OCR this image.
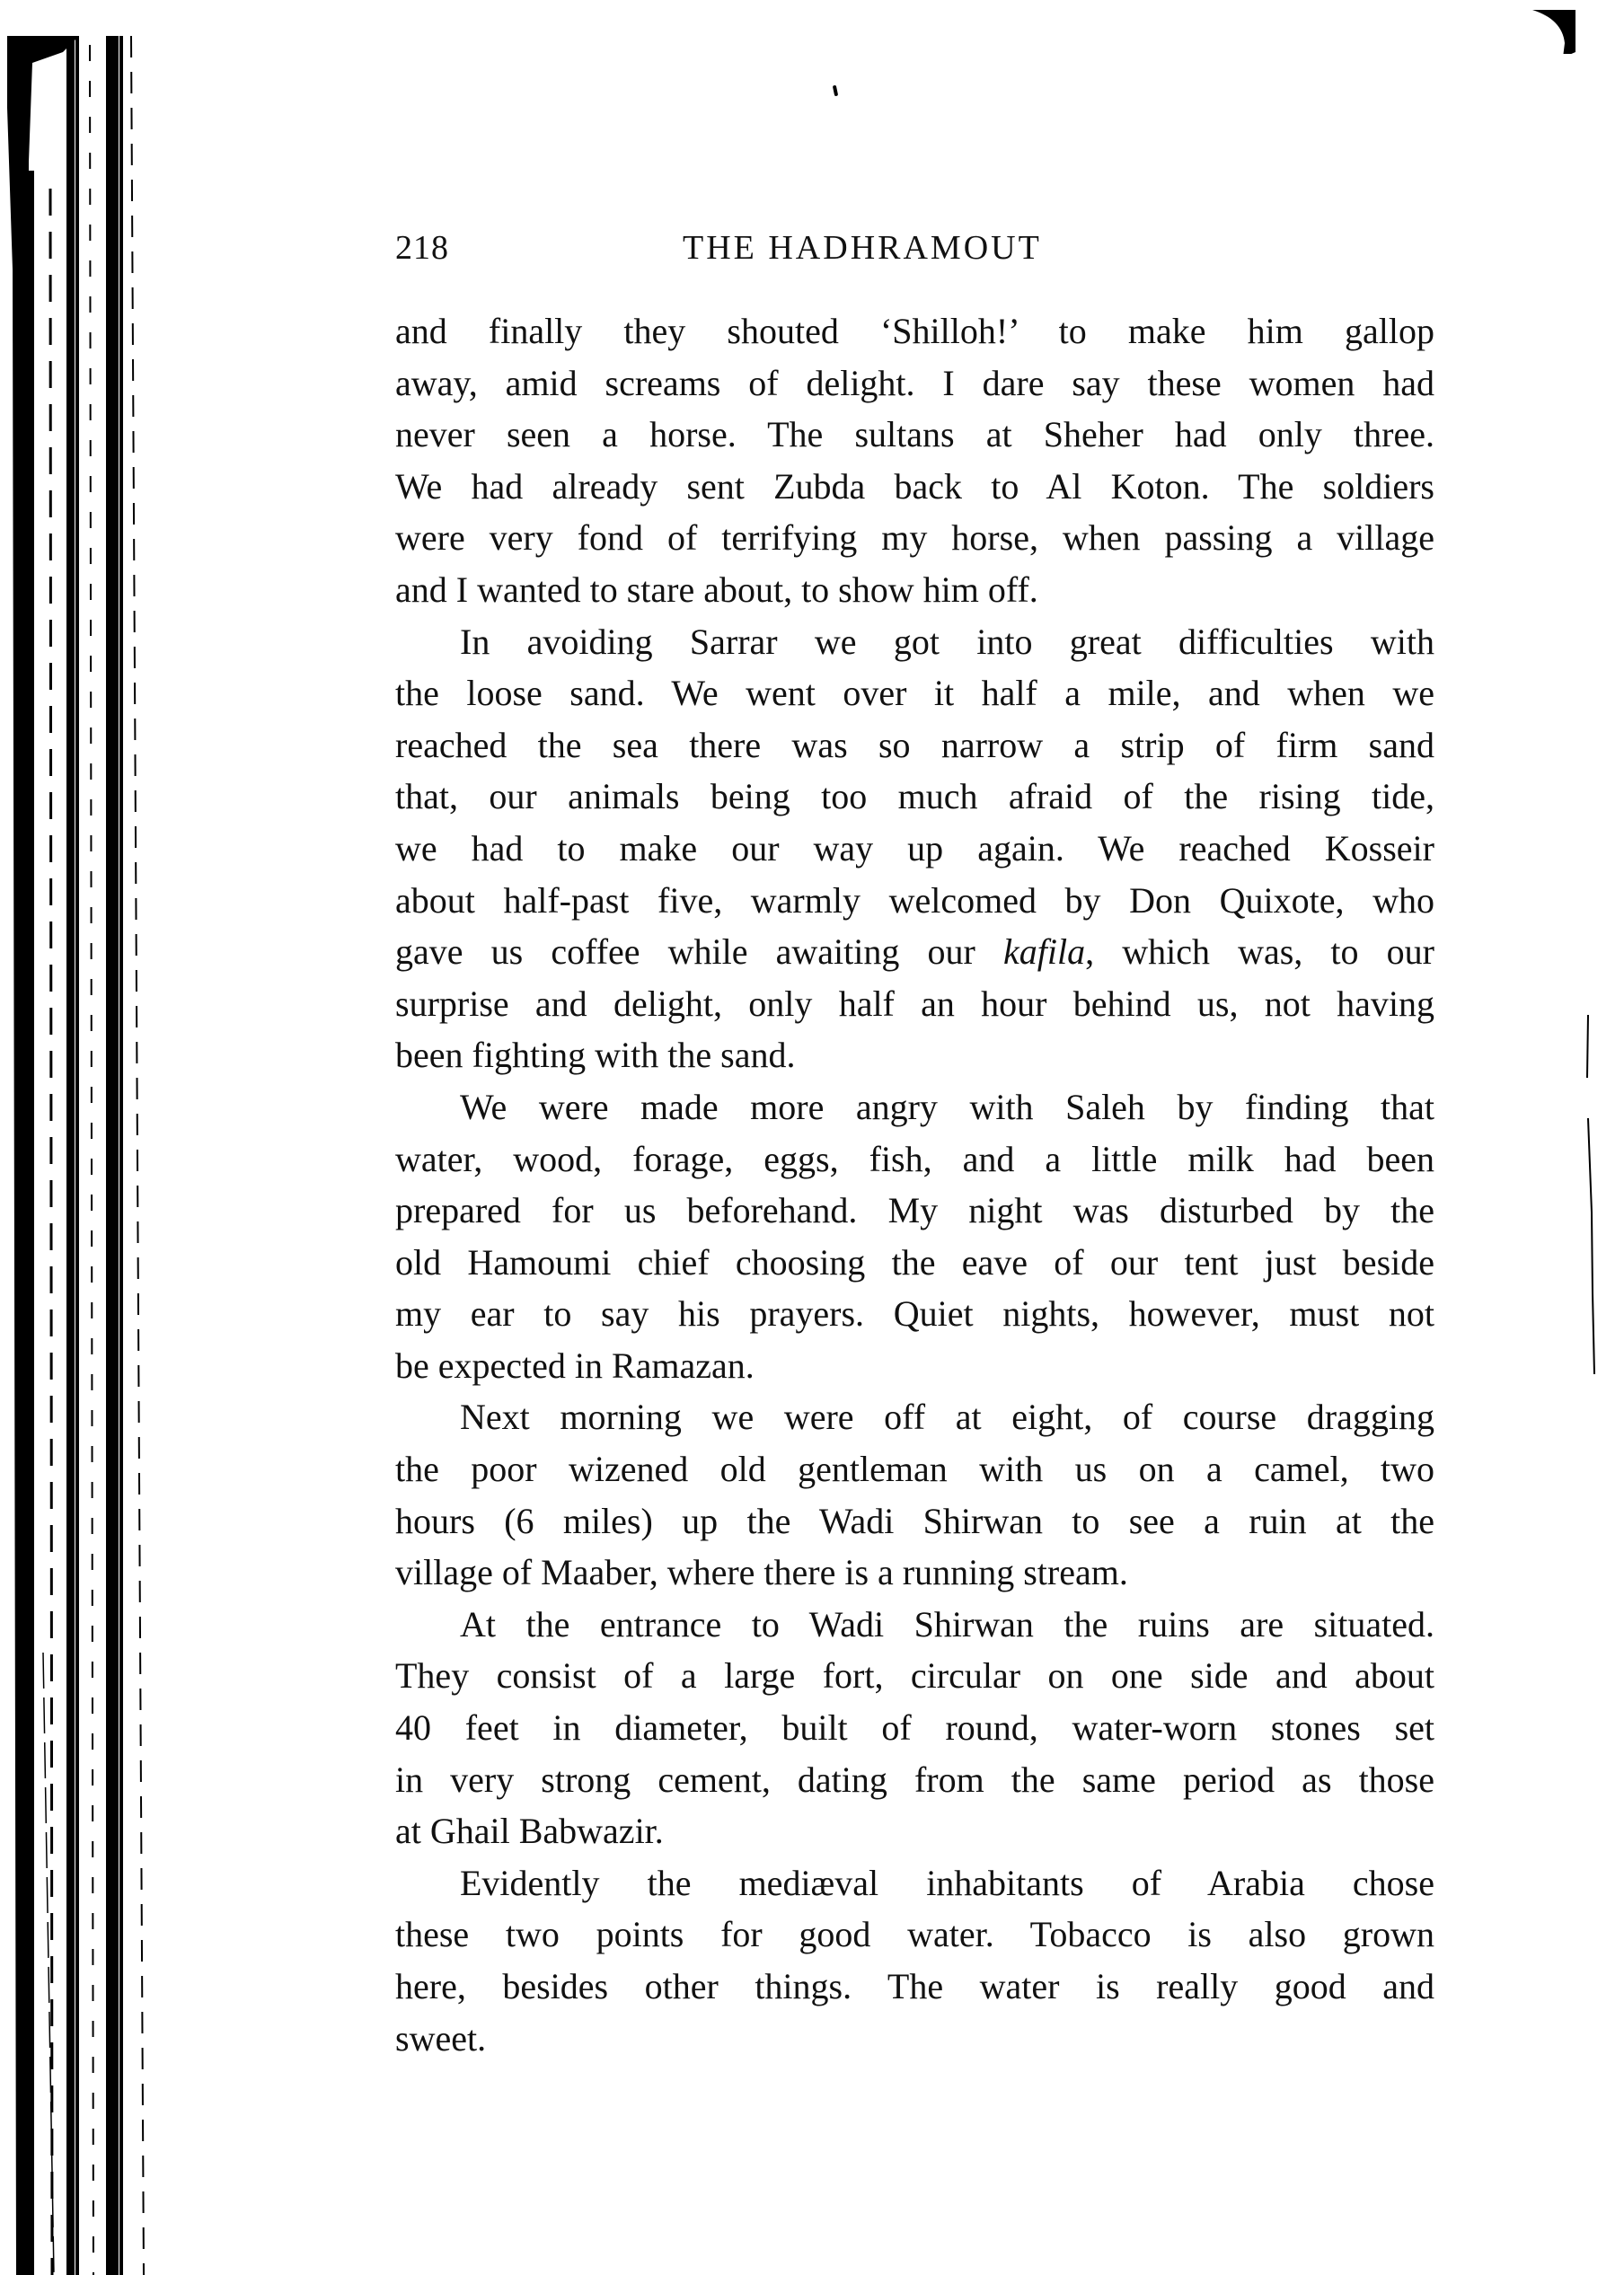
218	THE HADHRAMOUT
and finally they shouted ‘Shilloh!’ to make him gallop
away, amid screams of delight. I dare say these women had
never seen a horse. The sultans at Sheher had only three.
We had already sent Zubda back to Al Koton. The soldiers
were very fond of terrifying my horse, when passing a village
and I wanted to stare about, to show him off.
In avoiding Sarrar we got into great difficulties with
the loose sand. We went over it half a mile, and when we
reached the sea there was so narrow a strip of firm sand
that, our animals being too much afraid of the rising tide,
we had to make our way up again. We reached Kosseir
about half-past five, warmly welcomed by Don Quixote, who
gave us coffee while awaiting our kafila, which was, to our
surprise and delight, only half an hour behind us, not having
been fighting with the sand.
We were made more angry with Saleh by finding that
water, wood, forage, eggs, fish, and a little milk had been
prepared for us beforehand. My night was disturbed by the
old Hamoumi chief choosing the eave of our tent just beside
my ear to say his prayers. Quiet nights, however, must not
be expected in Ramazan.
Next morning we were off at eight, of course dragging
the poor wizened old gentleman with us on a camel, two
hours (6 miles) up the Wadi Shirwan to see a ruin at the
village of Maaber, where there is a running stream.
At the entrance to Wadi Shirwan the ruins are situated.
They consist of a large fort, circular on one side and about
40 feet in diameter, built of round, water-worn stones set
in very strong cement, dating from the same period as those
at Ghail Babwazir.
Evidently the mediæval inhabitants of Arabia chose
these two points for good water. Tobacco is also grown
here, besides other things. The water is really good and
sweet.
